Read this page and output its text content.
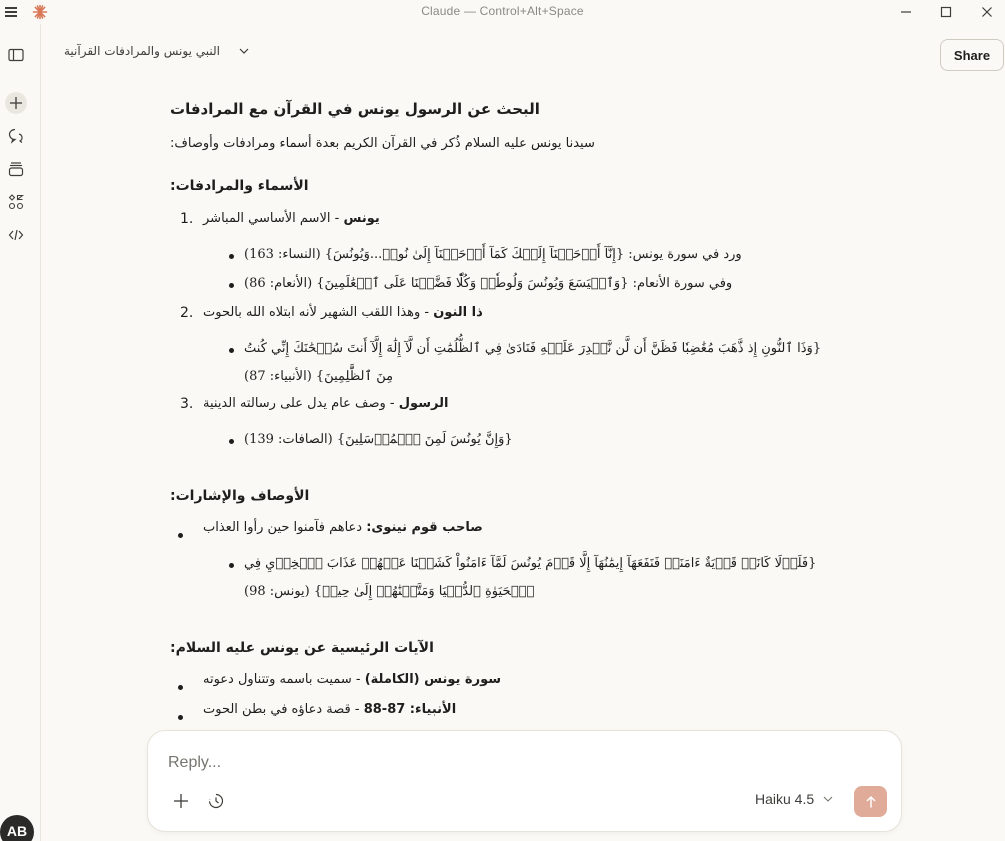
Claude — Control+Alt+Space
AB
النبي يونس والمرادفات القرآنية	Share
البحث عن الرسول يونس في القرآن مع المرادفات
سيدنا يونس عليه السلام ذُكر في القرآن الكريم بعدة أسماء ومرادفات وأوصاف:
الأسماء والمرادفات:
1.	يونس - الاسم الأساسي المباشر
ورد في سورة يونس: {إِنَّآ أَوۡحَيۡنَآ إِلَيۡكَ كَمَآ أَوۡحَيۡنَآ إِلَىٰ نُوحٖ...وَيُونُسَ} (النساء: 163)
وفي سورة الأنعام: {وَٱلۡيَسَعَ وَيُونُسَ وَلُوطٗاۚ وَكُلّٗا فَضَّلۡنَا عَلَى ٱلۡعَٰلَمِينَ} (الأنعام: 86)
2.	ذا النون - وهذا اللقب الشهير لأنه ابتلاه الله بالحوت
{وَذَا ٱلنُّونِ إِذ ذَّهَبَ مُغَٰضِبٗا فَظَنَّ أَن لَّن نَّقۡدِرَ عَلَيۡهِ فَنَادَىٰ فِي ٱلظُّلُمَٰتِ أَن لَّآ إِلَٰهَ إِلَّآ أَنتَ سُبۡحَٰنَكَ إِنِّي كُنتُ مِنَ ٱلظَّٰلِمِينَ} (الأنبياء: 87)
3.	الرسول - وصف عام يدل على رسالته الدينية
{وَإِنَّ يُونُسَ لَمِنَ ٱلۡمُرۡسَلِينَ} (الصافات: 139)
الأوصاف والإشارات:
صاحب قوم نينوى: دعاهم فآمنوا حين رأوا العذاب
{فَلَوۡلَا كَانَتۡ قَرۡيَةٌ ءَامَنَتۡ فَنَفَعَهَآ إِيمَٰنُهَآ إِلَّا قَوۡمَ يُونُسَ لَمَّآ ءَامَنُواْ كَشَفۡنَا عَنۡهُمۡ عَذَابَ ٱلۡخِزۡيِ فِي ٱلۡحَيَوٰةِ ٱلدُّنۡيَا وَمَتَّعۡنَٰهُمۡ إِلَىٰ حِينٖ} (يونس: 98)
الآيات الرئيسية عن يونس عليه السلام:
سورة يونس (الكاملة) - سميت باسمه وتتناول دعوته
الأنبياء: 87-88 - قصة دعاؤه في بطن الحوت
Reply...
Haiku 4.5
